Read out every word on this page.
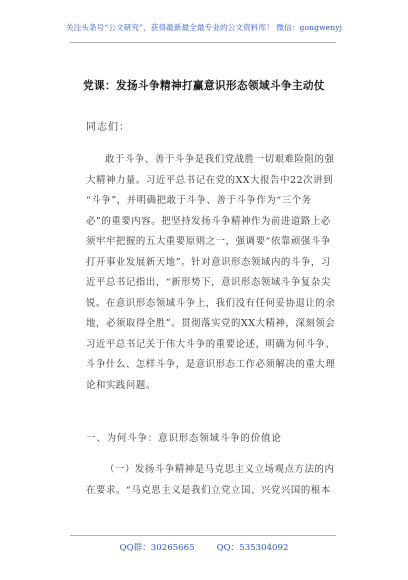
关注头条号“公文研究”，获得最新最全最专业的公文资料库！ 微信：gongwenyj
党课：发扬斗争精神打赢意识形态领域斗争主动仗
同志们：
敢于斗争、善于斗争是我们党战胜一切艰难险阻的强
大精神力量。习近平总书记在党的XX大报告中22次讲到
“斗争”，并明确把敢于斗争、善于斗争作为“三个务
必”的重要内容。把坚持发扬斗争精神作为前进道路上必
须牢牢把握的五大重要原则之一，强调要“依靠顽强斗争
打开事业发展新天地”。针对意识形态领域内的斗争，习
近平总书记指出，“新形势下，意识形态领域斗争复杂尖
锐。在意识形态领域斗争上，我们没有任何妥协退让的余
地，必须取得全胜”。贯彻落实党的XX大精神，深刻领会
习近平总书记关于伟大斗争的重要论述，明确为何斗争、
斗争什么、怎样斗争，是意识形态工作必须解决的重大理
论和实践问题。
一、为何斗争：意识形态领域斗争的价值论
（一）发扬斗争精神是马克思主义立场观点方法的内
在要求。“马克思主义是我们立党立国、兴党兴国的根本
QQ群：30265665	QQ：535304092
